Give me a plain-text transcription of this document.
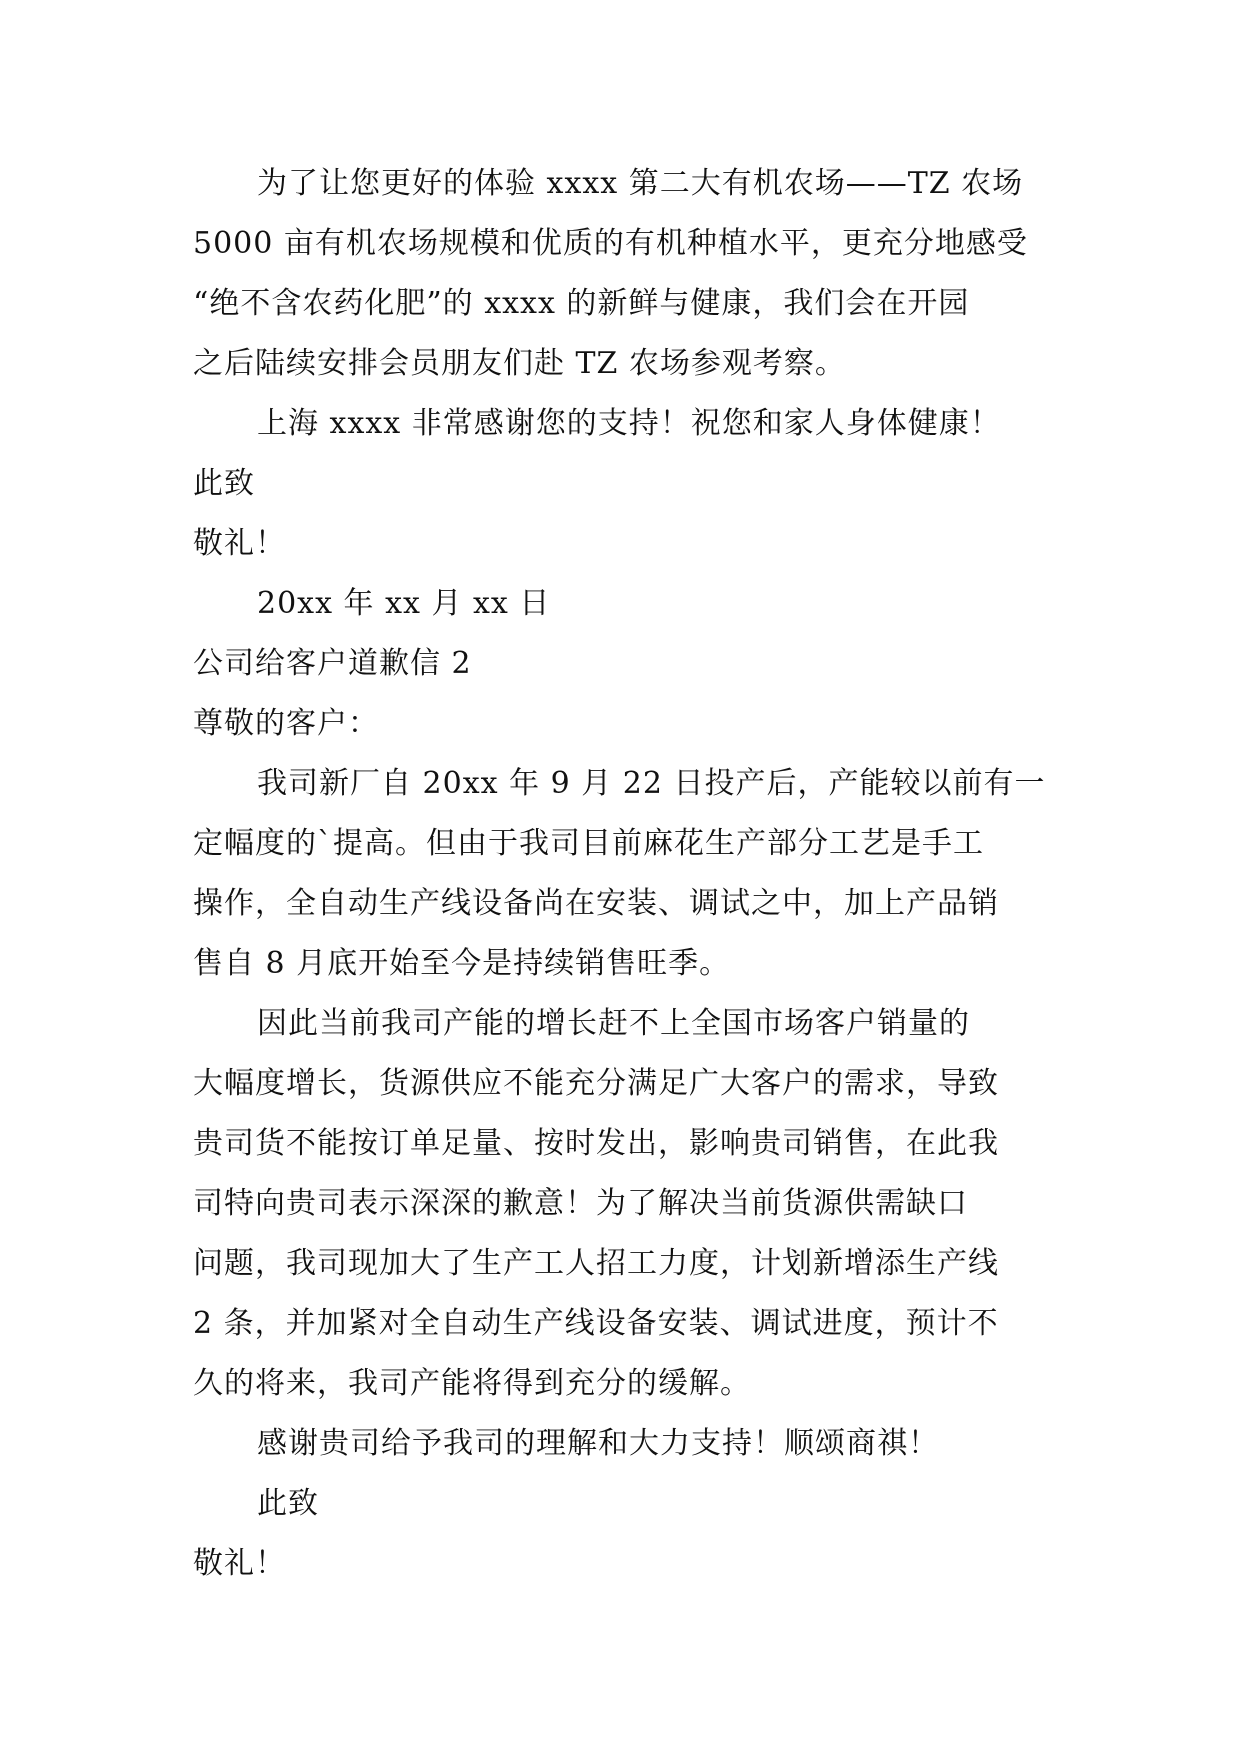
为了让您更好的体验 xxxx 第二大有机农场——TZ 农场
5000 亩有机农场规模和优质的有机种植水平，更充分地感受
“绝不含农药化肥”的 xxxx 的新鲜与健康，我们会在开园
之后陆续安排会员朋友们赴 TZ 农场参观考察。
上海 xxxx 非常感谢您的支持！祝您和家人身体健康！
此致
敬礼！
20xx 年 xx 月 xx 日
公司给客户道歉信 2
尊敬的客户：
我司新厂自 20xx 年 9 月 22 日投产后，产能较以前有一
定幅度的`提高。但由于我司目前麻花生产部分工艺是手工
操作，全自动生产线设备尚在安装、调试之中，加上产品销
售自 8 月底开始至今是持续销售旺季。
因此当前我司产能的增长赶不上全国市场客户销量的
大幅度增长，货源供应不能充分满足广大客户的需求，导致
贵司货不能按订单足量、按时发出，影响贵司销售，在此我
司特向贵司表示深深的歉意！为了解决当前货源供需缺口
问题，我司现加大了生产工人招工力度，计划新增添生产线
2 条，并加紧对全自动生产线设备安装、调试进度，预计不
久的将来，我司产能将得到充分的缓解。
感谢贵司给予我司的理解和大力支持！顺颂商祺！
此致
敬礼！
